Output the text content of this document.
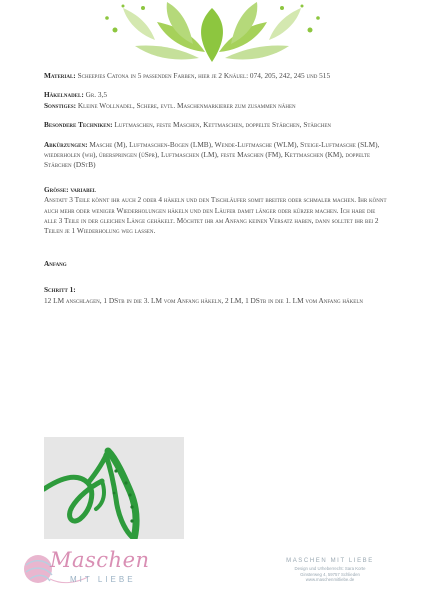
Material: Scheepjes Catona in 5 passenden Farben, hier je 2 Knäuel: 074, 205, 242, 245 und 515

Häkelnadel: Gr. 3,5
Sonstiges: Kleine Wollnadel, Schere, evtl. Maschenmarkierer zum zusammen nähen

Besondere Techniken: Luftmaschen, feste Maschen, Kettmaschen, doppelte Stäbchen, Stäbchen

Abkürzungen: Masche (M), Luftmaschen-Bogen (LMB), Wende-Luftmasche (WLM), Steige-Luftmasche (SLM), wiederholen (wh), überspringen (üSpr), Luftmaschen (LM), feste Maschen (FM), Kettmaschen (KM), doppelte Stäbchen (DStB)

Grösse: variabel
Anstatt 3 Teile könnt ihr auch 2 oder 4 häkeln und den Tischläufer somit breiter oder schmaler machen. Ihr könnt auch mehr oder weniger Wiederholungen häkeln und den Läufer damit länger oder kürzer machen. Ich habe die alle 3 Teile in der gleichen Länge gehäkelt. Möchtet ihr am Anfang keinen Versatz haben, dann solltet ihr bei 2 Teilen je 1 Wiederholung weg lassen.
Anfang
Schritt 1:
12 LM anschlagen, 1 DStb in die 3. LM vom Anfang häkeln, 2 LM, 1 DStb in die 1. LM vom Anfang häkeln
Maschen
MIT LIEBE
MASCHEN MIT LIEBE
Design und Urheberrecht: Sara Korte
Ginsterweg 4, 59757 Schlieden
www.maschenmitliebe.de
